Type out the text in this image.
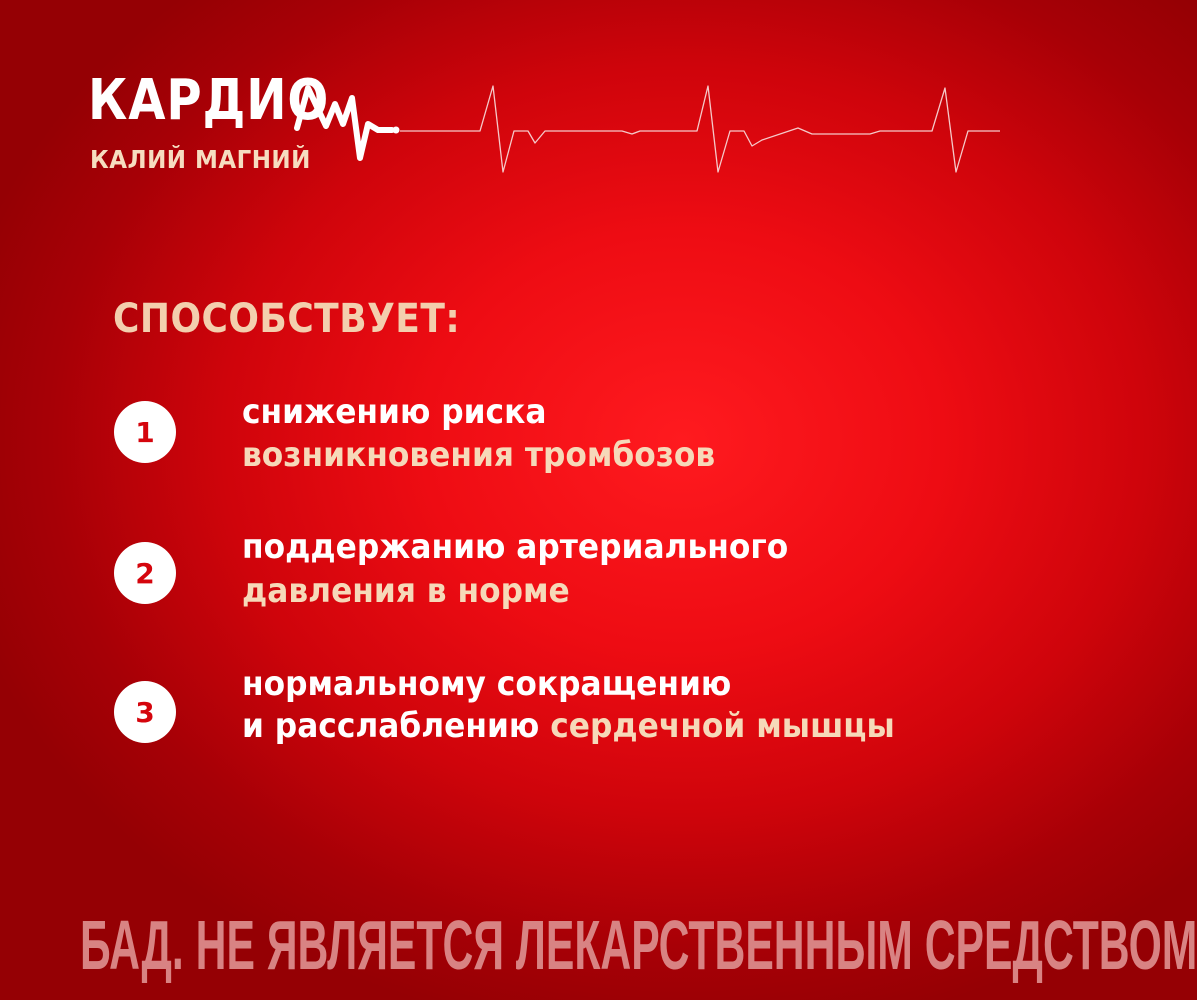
КАРДИО
КАЛИЙ МАГНИЙ
СПОСОБСТВУЕТ:
1	снижению риска
возникновения тромбозов
2
поддержанию артериального
давления в норме
3
нормальному сокращению
и расслаблению сердечной мышцы
БАД. НЕ ЯВЛЯЕТСЯ ЛЕКАРСТВЕННЫМ СРЕДСТВОМ
